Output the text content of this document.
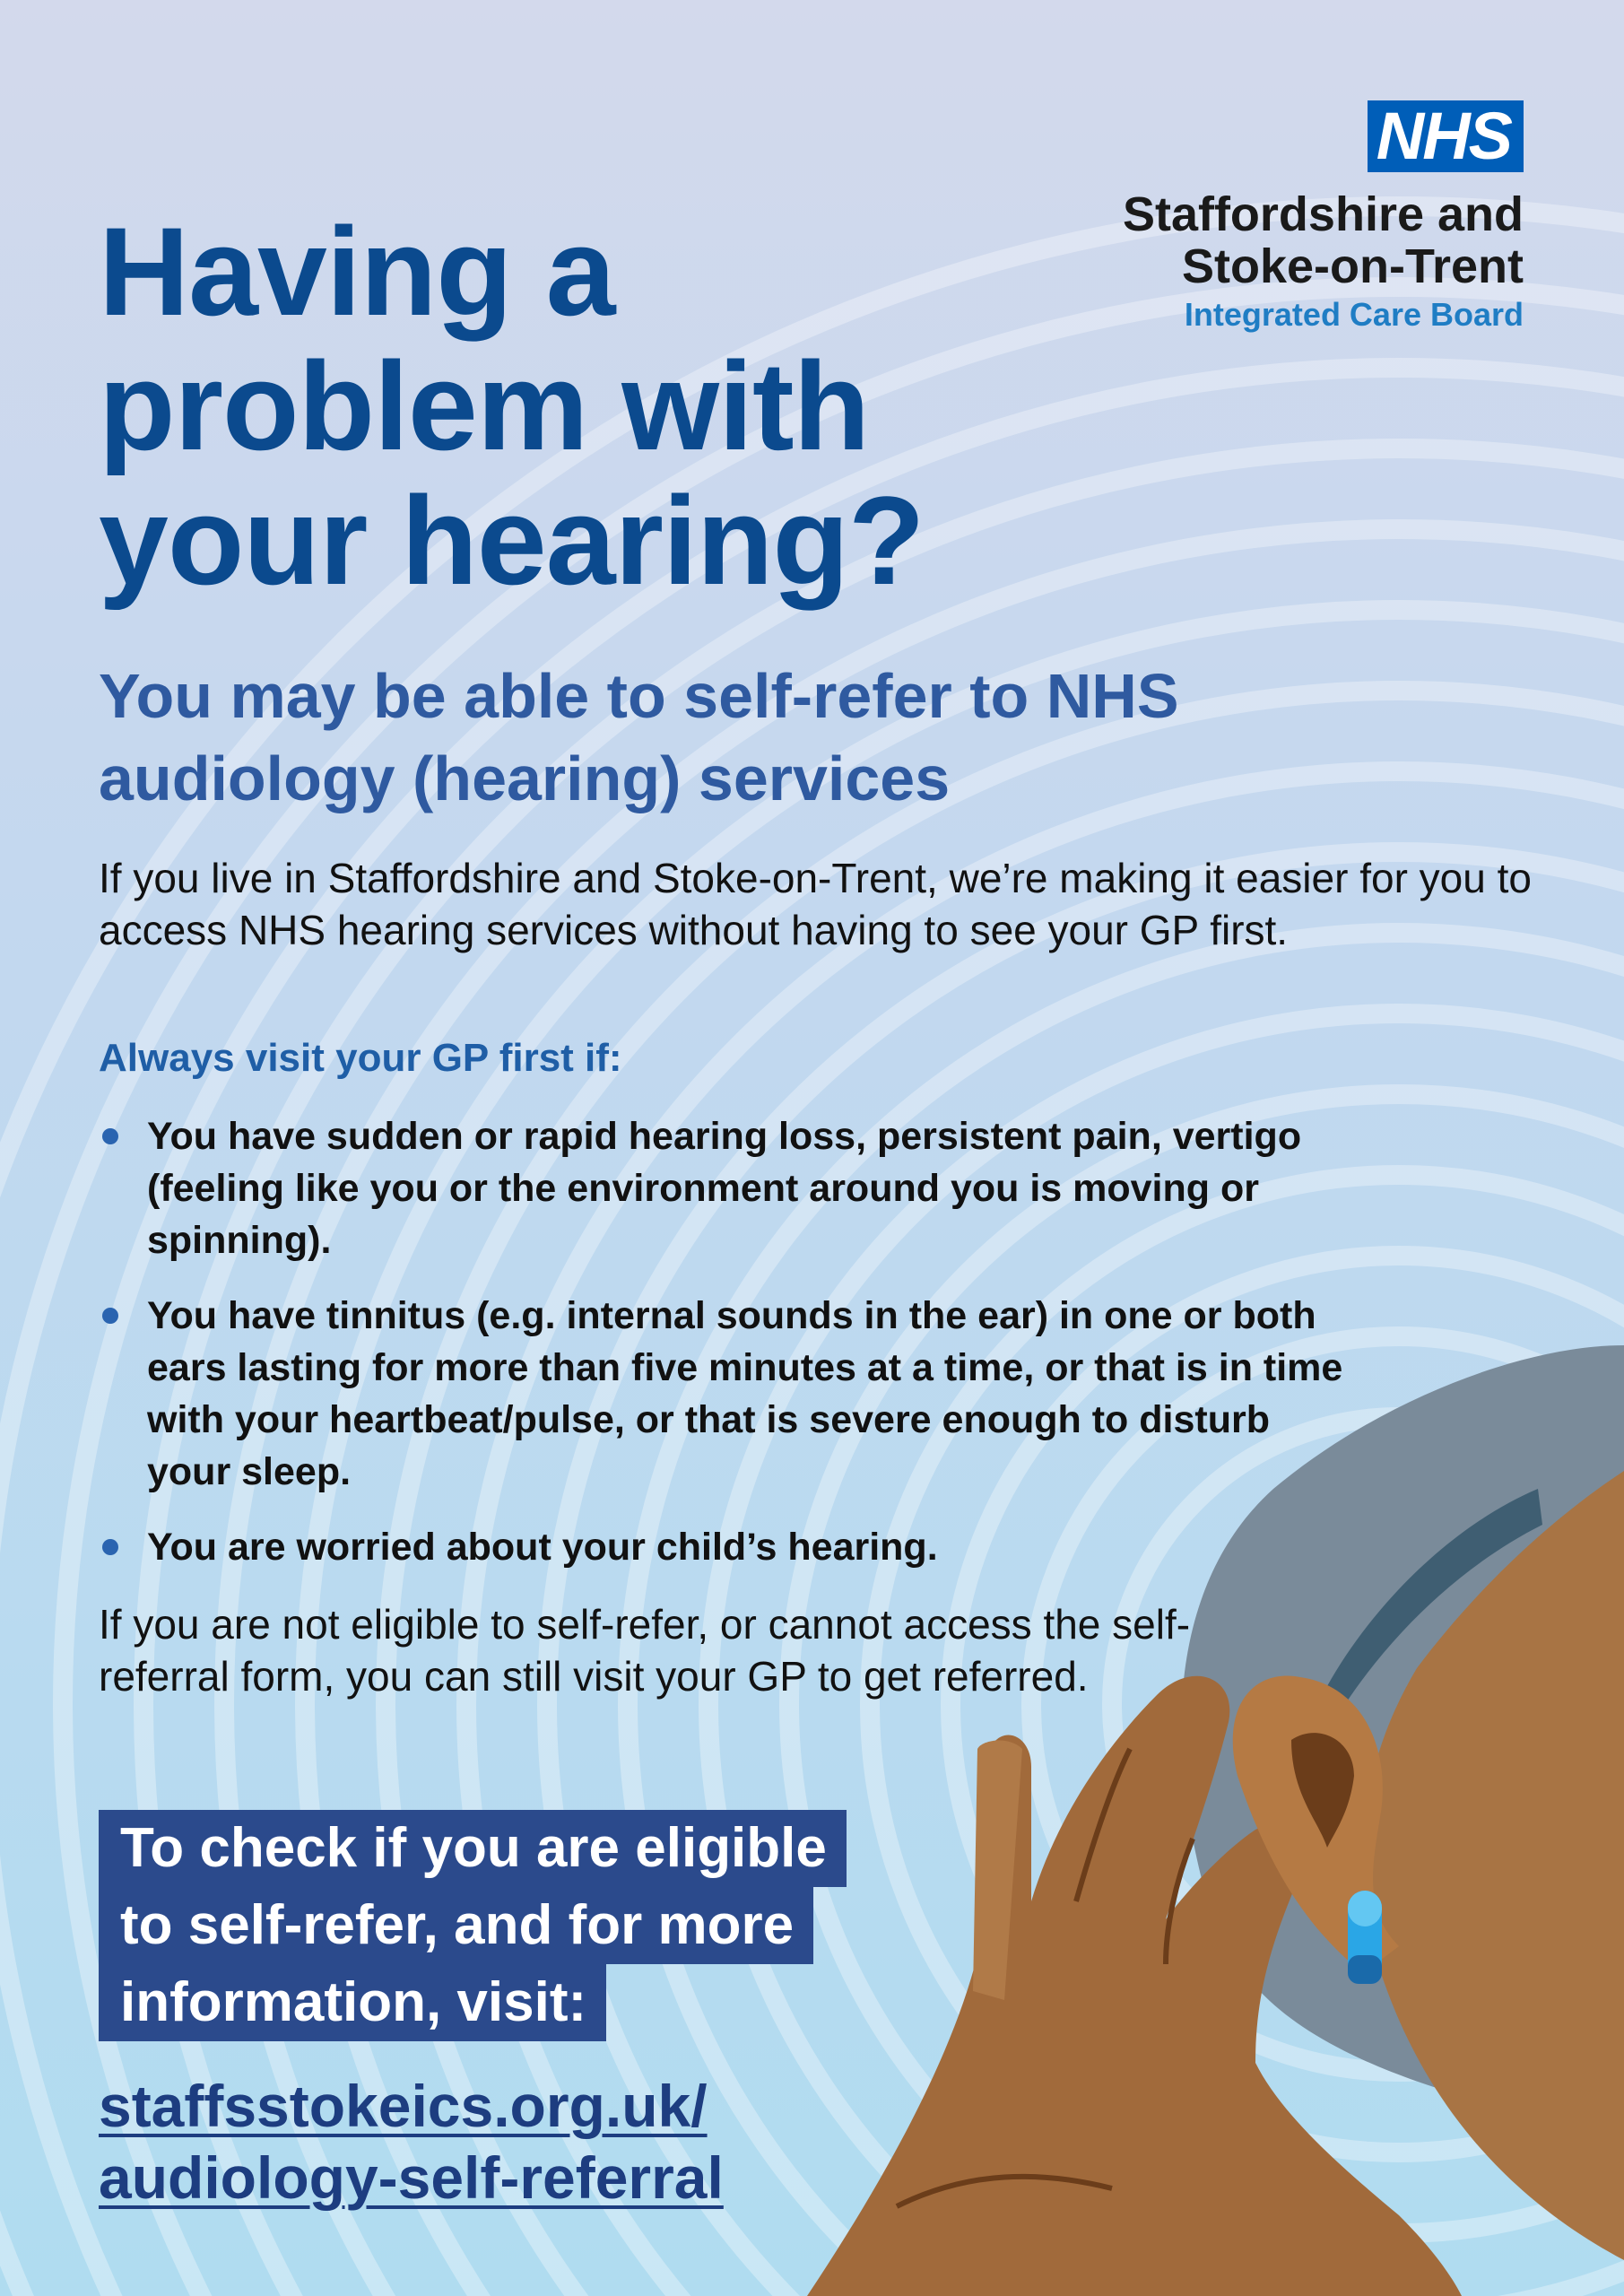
NHS
Staffordshire and
Stoke-on-Trent
Integrated Care Board
Having a
problem with
your hearing?
You may be able to self-refer to NHS
audiology (hearing) services

If you live in Staffordshire and Stoke-on-Trent, we’re making it easier for you to access NHS hearing services without having to see your GP first.

Always visit your GP first if:

You have sudden or rapid hearing loss, persistent pain, vertigo (feeling like you or the environment around you is moving or spinning).
You have tinnitus (e.g. internal sounds in the ear) in one or both ears lasting for more than five minutes at a time, or that is in time with your heartbeat/pulse, or that is severe enough to disturb your sleep.
You are worried about your child’s hearing.

If you are not eligible to self-refer, or cannot access the self-referral form, you can still visit your GP to get referred.

To check if you are eligible
to self-refer, and for more
information, visit:
staffsstokeics.org.uk/
audiology-self-referral
